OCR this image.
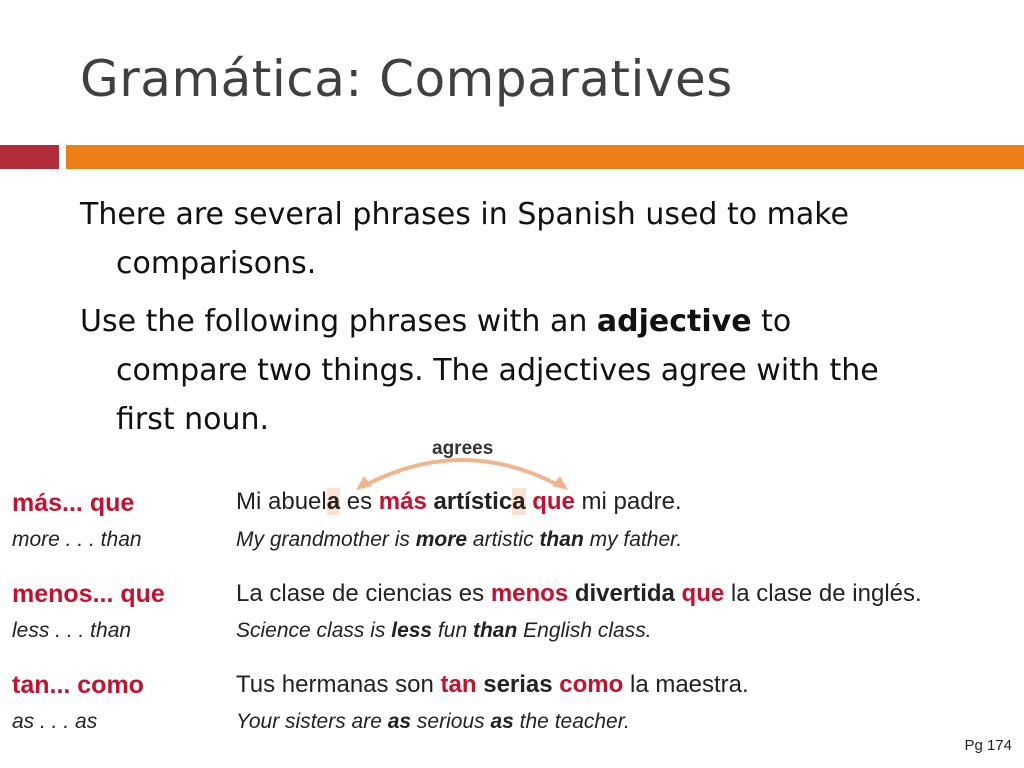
Gramática: Comparatives

There are several phrases in Spanish used to make
comparisons.

Use the following phrases with an adjective to
compare two things. The adjectives agree with the
first noun.

agrees

más... que

more . . . than

Mi abuela es más artística que mi padre.

My grandmother is more artistic than my father.

menos... que

less . . . than

La clase de ciencias es menos divertida que la clase de inglés.

Science class is less fun than English class.

tan... como

as . . . as

Tus hermanas son tan serias como la maestra.

Your sisters are as serious as the teacher.

Pg 174
